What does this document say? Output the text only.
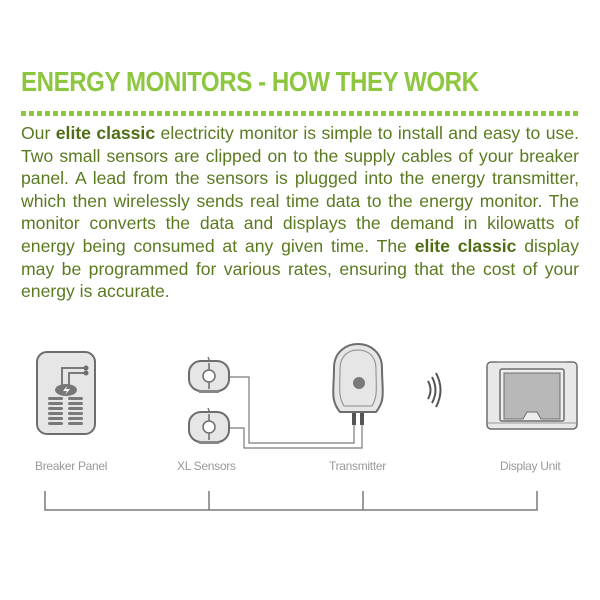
ENERGY MONITORS - HOW THEY WORK
Our elite classic electricity monitor is simple to install and easy to use. Two small sensors are clipped on to the supply cables of your breaker panel. A lead from the sensors is plugged into the energy transmitter, which then wirelessly sends real time data to the energy monitor. The monitor converts the data and displays the demand in kilowatts of energy being consumed at any given time. The elite classic display may be programmed for various rates, ensuring that the cost of your energy is accurate.
Breaker Panel	XL Sensors	Transmitter	Display Unit
